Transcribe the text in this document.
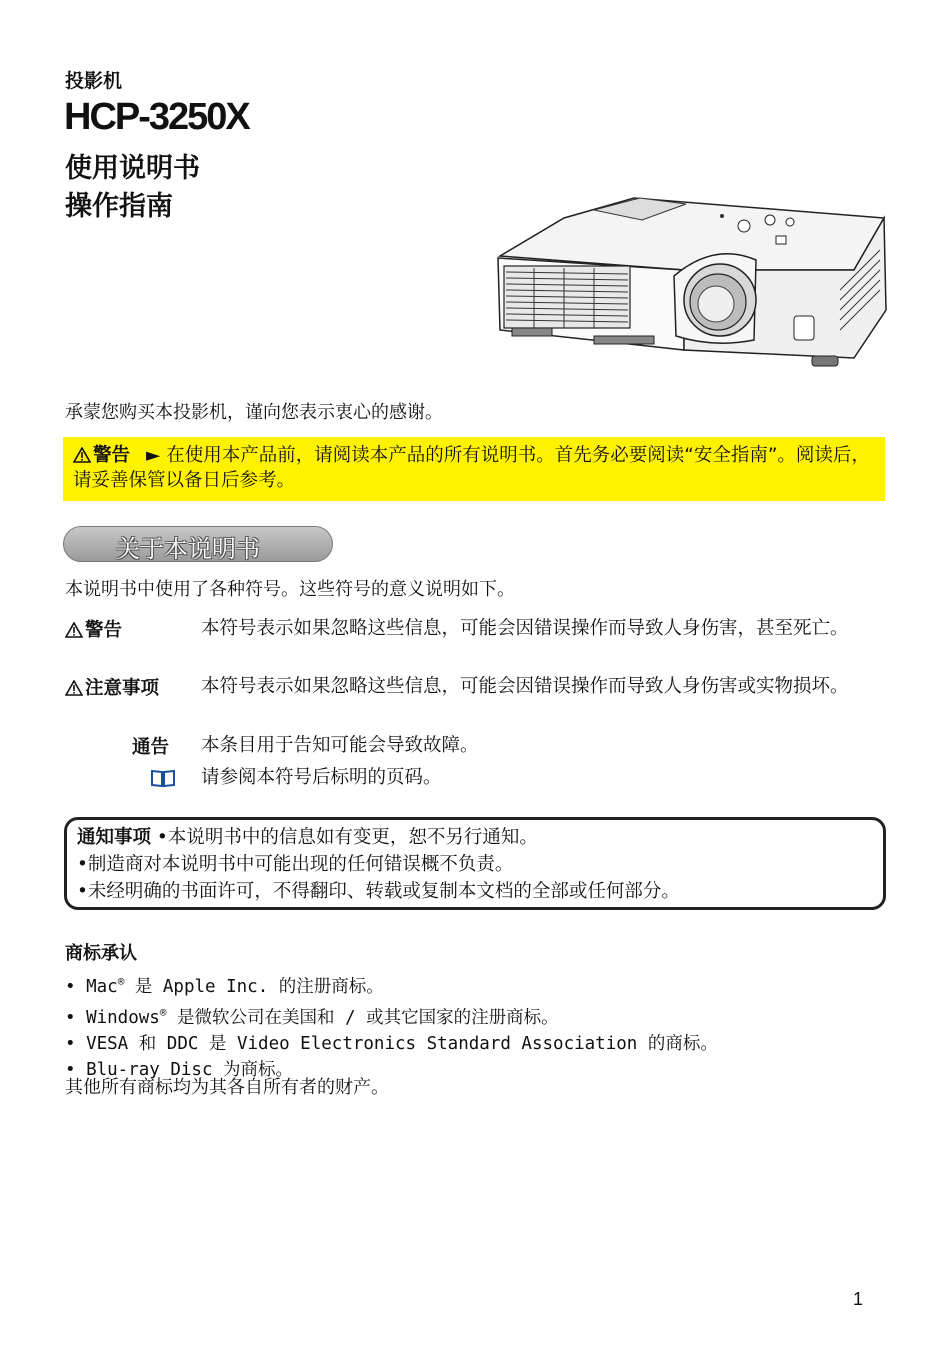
投影机
HCP-3250X
使用说明书
操作指南
承蒙您购买本投影机，谨向您表示衷心的感谢。
警告 ► 在使用本产品前，请阅读本产品的所有说明书。首先务必要阅读“安全指南”。阅读后，请妥善保管以备日后参考。
关于本说明书
本说明书中使用了各种符号。这些符号的意义说明如下。
警告	本符号表示如果忽略这些信息，可能会因错误操作而导致人身伤害，甚至死亡。
注意事项 本符号表示如果忽略这些信息，可能会因错误操作而导致人身伤害或实物损坏。
通告 本条目用于告知可能会导致故障。
请参阅本符号后标明的页码。
通知事项 •本说明书中的信息如有变更，恕不另行通知。
•制造商对本说明书中可能出现的任何错误概不负责。
•未经明确的书面许可，不得翻印、转载或复制本文档的全部或任何部分。
商标承认
• Mac® 是 Apple Inc. 的注册商标。
• Windows® 是微软公司在美国和 / 或其它国家的注册商标。
• VESA 和 DDC 是 Video Electronics Standard Association 的商标。
• Blu-ray Disc 为商标。
其他所有商标均为其各自所有者的财产。
1
